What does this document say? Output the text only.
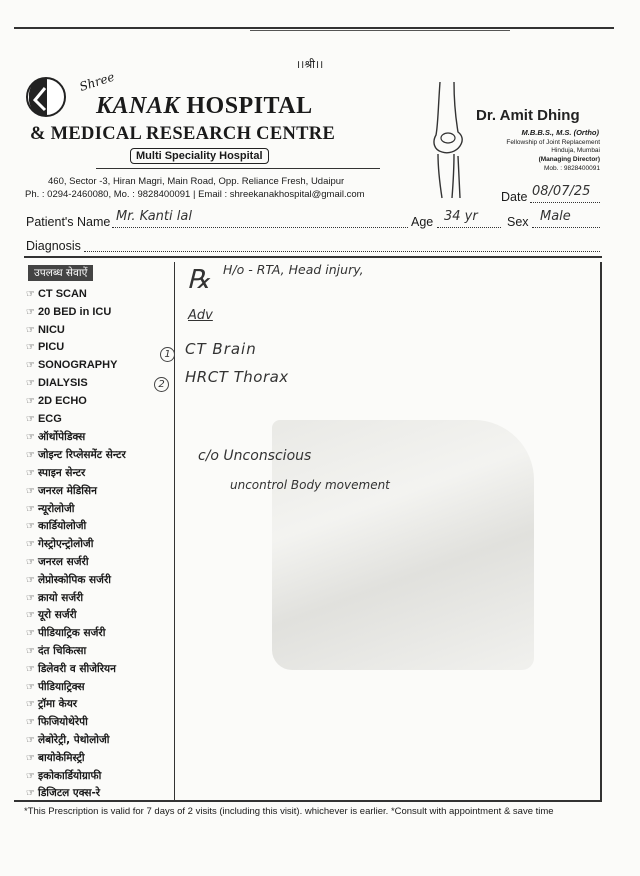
।।श्री।।
Shree
KANAK HOSPITAL
& MEDICAL RESEARCH CENTRE
Multi Speciality Hospital
460, Sector -3, Hiran Magri, Main Road, Opp. Reliance Fresh, Udaipur
Ph. : 0294-2460080, Mo. : 9828400091 | Email : shreekanakhospital@gmail.com
Dr. Amit Dhing
M.B.B.S., M.S. (Ortho)
Fellowship of Joint Replacement
Hinduja, Mumbai
(Managing Director)
Mob. : 9828400091
Date 08/07/25
Patient's Name Mr. Kanti lal	Age 34 yr Sex Male
Diagnosis
उपलब्ध सेवाऐं
☞ CT SCAN
☞ 20 BED in ICU
☞ NICU
☞ PICU
☞ SONOGRAPHY
☞ DIALYSIS
☞ 2D ECHO
☞ ECG
☞ ऑर्थोपेडिक्स
☞ जोइन्ट रिप्लेसमेंट सेन्टर
☞ स्पाइन सेन्टर
☞ जनरल मेडिसिन
☞ न्यूरोलोजी
☞ कार्डियोलोजी
☞ गेस्ट्रोएन्ट्रोलोजी
☞ जनरल सर्जरी
☞ लेप्रोस्कोपिक सर्जरी
☞ क्रायो सर्जरी
☞ यूरो सर्जरी
☞ पीडियाट्रिक सर्जरी
☞ दंत चिकित्सा
☞ डिलेवरी व सीजेरियन
☞ पीडियाट्रिक्स
☞ ट्रॉमा केयर
☞ फिजियोथेरेपी
☞ लेबोरेट्री, पेथोलोजी
☞ बायोकेमिस्ट्री
☞ इकोकार्डियोग्राफी
☞ डिजिटल एक्स-रे
℞ H/o - RTA, Head injury,
Adv
1 CT Brain
2 HRCT Thorax
c/o Unconscious
uncontrol Body movement
*This Prescription is valid for 7 days of 2 visits (including this visit). whichever is earlier. *Consult with appointment & save time
